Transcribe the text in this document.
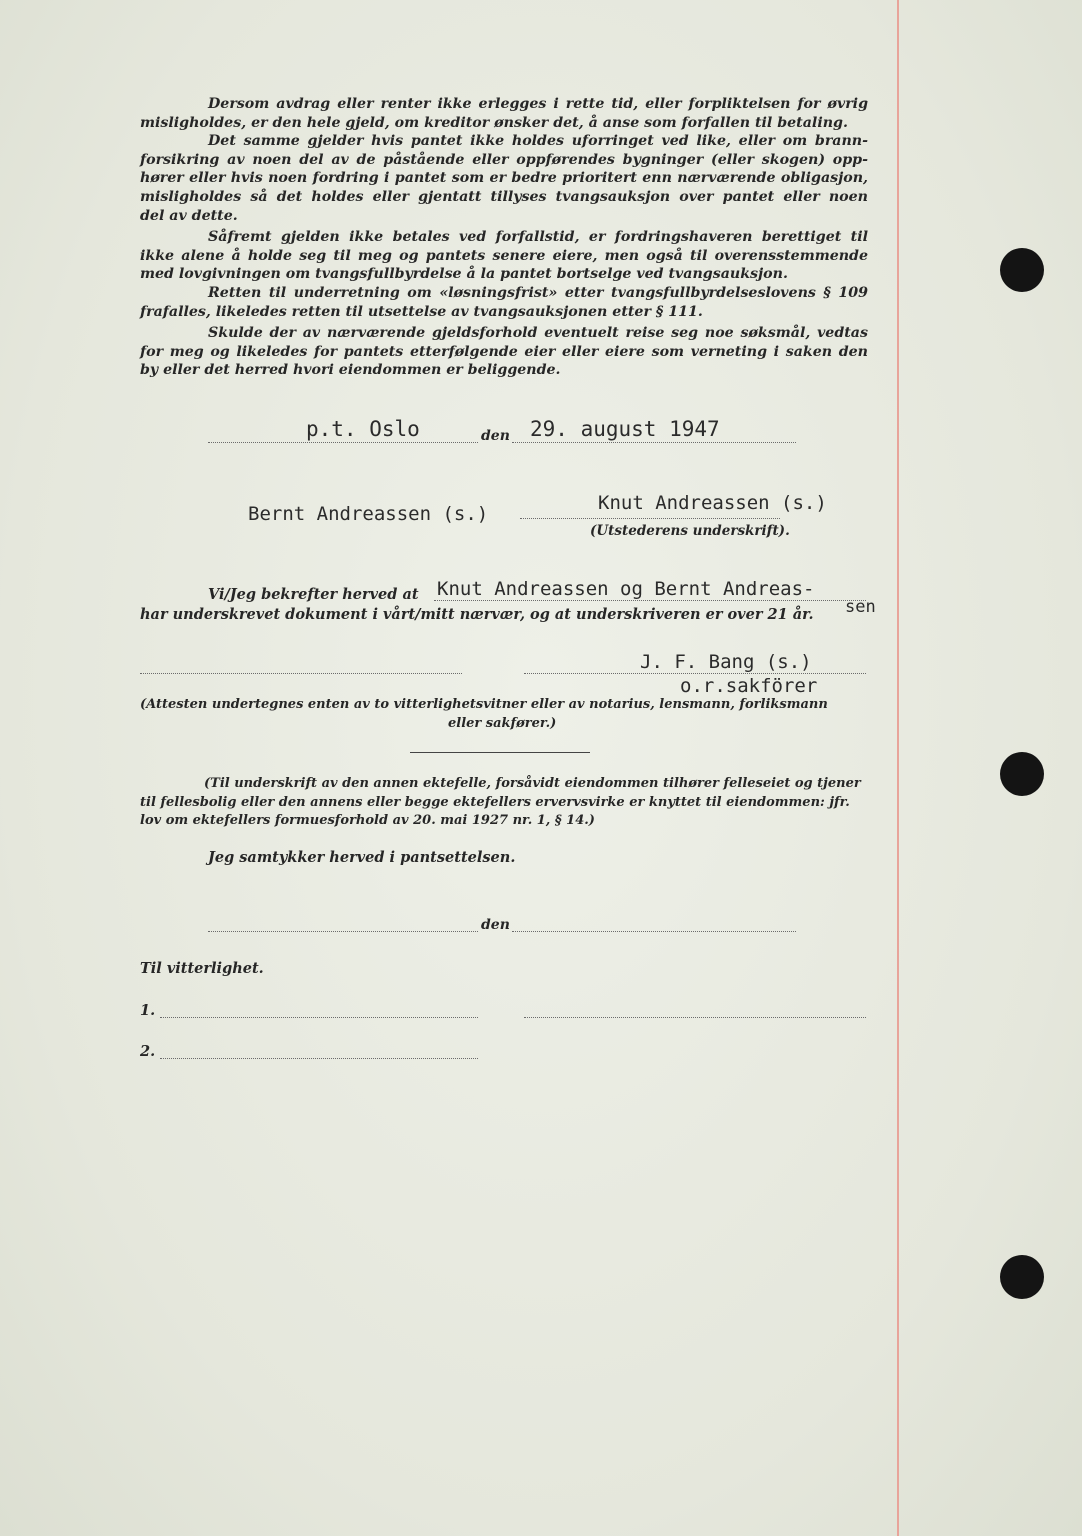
Dersom avdrag eller renter ikke erlegges i rette tid, eller forpliktelsen for øvrig
misligholdes, er den hele gjeld, om kreditor ønsker det, å anse som forfallen til betaling.
Det samme gjelder hvis pantet ikke holdes uforringet ved like, eller om brann-
forsikring av noen del av de påstående eller oppførendes bygninger (eller skogen) opp-
hører eller hvis noen fordring i pantet som er bedre prioritert enn nærværende obligasjon,
misligholdes så det holdes eller gjentatt tillyses tvangsauksjon over pantet eller noen
del av dette.
Såfremt gjelden ikke betales ved forfallstid, er fordringshaveren berettiget til
ikke alene å holde seg til meg og pantets senere eiere, men også til overensstemmende
med lovgivningen om tvangsfullbyrdelse å la pantet bortselge ved tvangsauksjon.
Retten til underretning om «løsningsfrist» etter tvangsfullbyrdelseslovens § 109
frafalles, likeledes retten til utsettelse av tvangsauksjonen etter § 111.
Skulde der av nærværende gjeldsforhold eventuelt reise seg noe søksmål, vedtas
for meg og likeledes for pantets etterfølgende eier eller eiere som verneting i saken den
by eller det herred hvori eiendommen er beliggende.
p.t. Oslo	den 29. august 1947
Bernt Andreassen (s.)	Knut Andreassen (s.)
(Utstederens underskrift).
Vi/Jeg bekrefter herved at Knut Andreassen og Bernt Andreas-
sen
har underskrevet dokument i vårt/mitt nærvær, og at underskriveren er over 21 år.
J. F. Bang (s.)
o.r.sakförer
(Attesten undertegnes enten av to vitterlighetsvitner eller av notarius, lensmann, forliksmann
eller sakfører.)
(Til underskrift av den annen ektefelle, forsåvidt eiendommen tilhører felleseiet og tjener
til fellesbolig eller den annens eller begge ektefellers ervervsvirke er knyttet til eiendommen: jfr.
lov om ektefellers formuesforhold av 20. mai 1927 nr. 1, § 14.)
Jeg samtykker herved i pantsettelsen.
den
Til vitterlighet.
1.
2.
